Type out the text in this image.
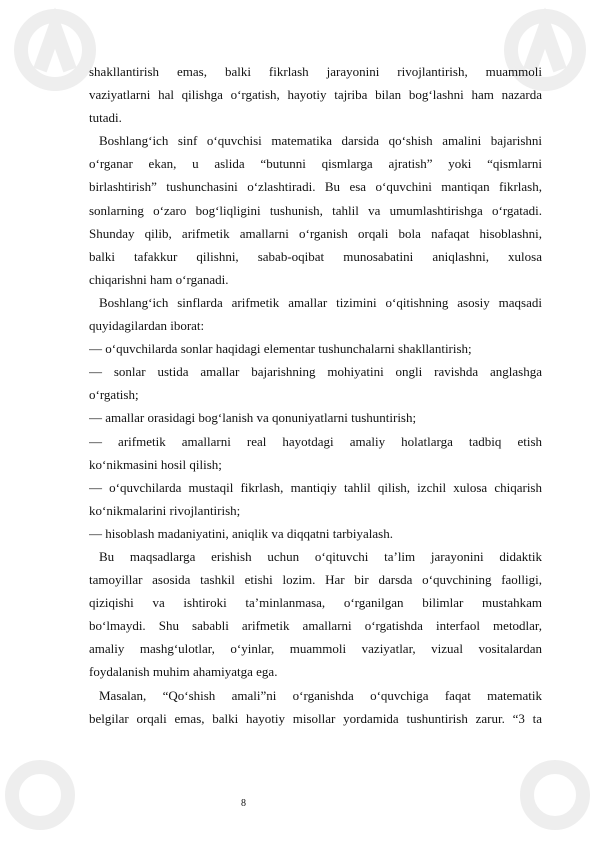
shakllantirish emas, balki fikrlash jarayonini rivojlantirish, muammoli
vaziyatlarni hal qilishga o‘rgatish, hayotiy tajriba bilan bog‘lashni ham nazarda
tutadi.
Boshlang‘ich sinf o‘quvchisi matematika darsida qo‘shish amalini bajarishni
o‘rganar ekan, u aslida “butunni qismlarga ajratish” yoki “qismlarni
birlashtirish” tushunchasini o‘zlashtiradi. Bu esa o‘quvchini mantiqan fikrlash,
sonlarning o‘zaro bog‘liqligini tushunish, tahlil va umumlashtirishga o‘rgatadi.
Shunday qilib, arifmetik amallarni o‘rganish orqali bola nafaqat hisoblashni,
balki tafakkur qilishni, sabab-oqibat munosabatini aniqlashni, xulosa
chiqarishni ham o‘rganadi.
Boshlang‘ich sinflarda arifmetik amallar tizimini o‘qitishning asosiy maqsadi
quyidagilardan iborat:
— o‘quvchilarda sonlar haqidagi elementar tushunchalarni shakllantirish;
— sonlar ustida amallar bajarishning mohiyatini ongli ravishda anglashga
o‘rgatish;
— amallar orasidagi bog‘lanish va qonuniyatlarni tushuntirish;
— arifmetik amallarni real hayotdagi amaliy holatlarga tadbiq etish
ko‘nikmasini hosil qilish;
— o‘quvchilarda mustaqil fikrlash, mantiqiy tahlil qilish, izchil xulosa chiqarish
ko‘nikmalarini rivojlantirish;
— hisoblash madaniyatini, aniqlik va diqqatni tarbiyalash.
Bu maqsadlarga erishish uchun o‘qituvchi ta’lim jarayonini didaktik
tamoyillar asosida tashkil etishi lozim. Har bir darsda o‘quvchining faolligi,
qiziqishi va ishtiroki ta’minlanmasa, o‘rganilgan bilimlar mustahkam
bo‘lmaydi. Shu sababli arifmetik amallarni o‘rgatishda interfaol metodlar,
amaliy mashg‘ulotlar, o‘yinlar, muammoli vaziyatlar, vizual vositalardan
foydalanish muhim ahamiyatga ega.
Masalan, “Qo‘shish amali”ni o‘rganishda o‘quvchiga faqat matematik
belgilar orqali emas, balki hayotiy misollar yordamida tushuntirish zarur. “3 ta
8
